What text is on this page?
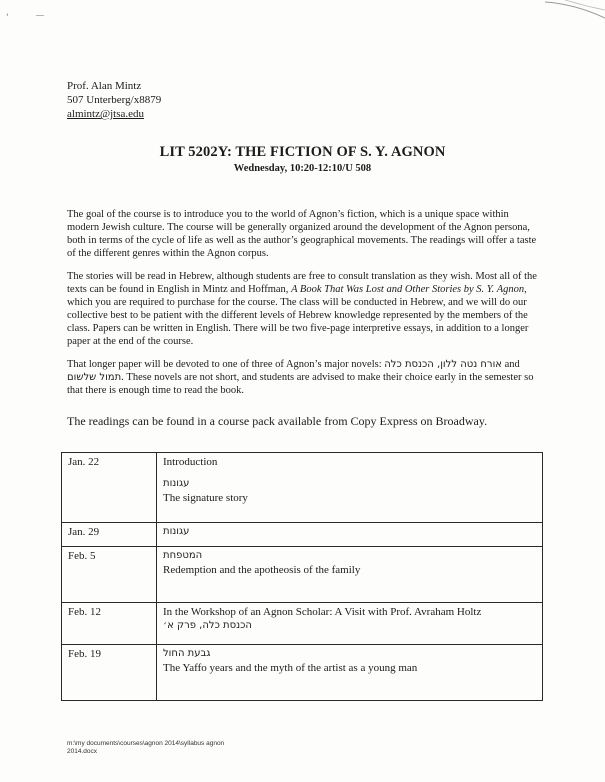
‘	—
Prof. Alan Mintz
507 Unterberg/x8879
almintz@jtsa.edu
LIT 5202Y: THE FICTION OF S. Y. AGNON
Wednesday, 10:20-12:10/U 508
The goal of the course is to introduce you to the world of Agnon’s fiction, which is a unique space within modern Jewish culture. The course will be generally organized around the development of the Agnon persona, both in terms of the cycle of life as well as the author’s geographical movements. The readings will offer a taste of the different genres within the Agnon corpus.
The stories will be read in Hebrew, although students are free to consult translation as they wish. Most all of the texts can be found in English in Mintz and Hoffman, A Book That Was Lost and Other Stories by S. Y. Agnon, which you are required to purchase for the course. The class will be conducted in Hebrew, and we will do our collective best to be patient with the different levels of Hebrew knowledge represented by the members of the class. Papers can be written in English. There will be two five-page interpretive essays, in addition to a longer paper at the end of the course.
That longer paper will be devoted to one of three of Agnon’s major novels: אורח נטה ללון, הכנסת כלה and תמול שלשום. These novels are not short, and students are advised to make their choice early in the semester so that there is enough time to read the book.
The readings can be found in a course pack available from Copy Express on Broadway.
Jan. 22	Introduction
עגונות
The signature story

Jan. 29	עגונות

Feb. 5	המטפחת
Redemption and the apotheosis of the family

Feb. 12	In the Workshop of an Agnon Scholar: A Visit with Prof. Avraham Holtz
הכנסת כלה, פרק א׳

Feb. 19	גבעת החול
The Yaffo years and the myth of the artist as a young man
m:\my documents\courses\agnon 2014\syllabus agnon
2014.docx
